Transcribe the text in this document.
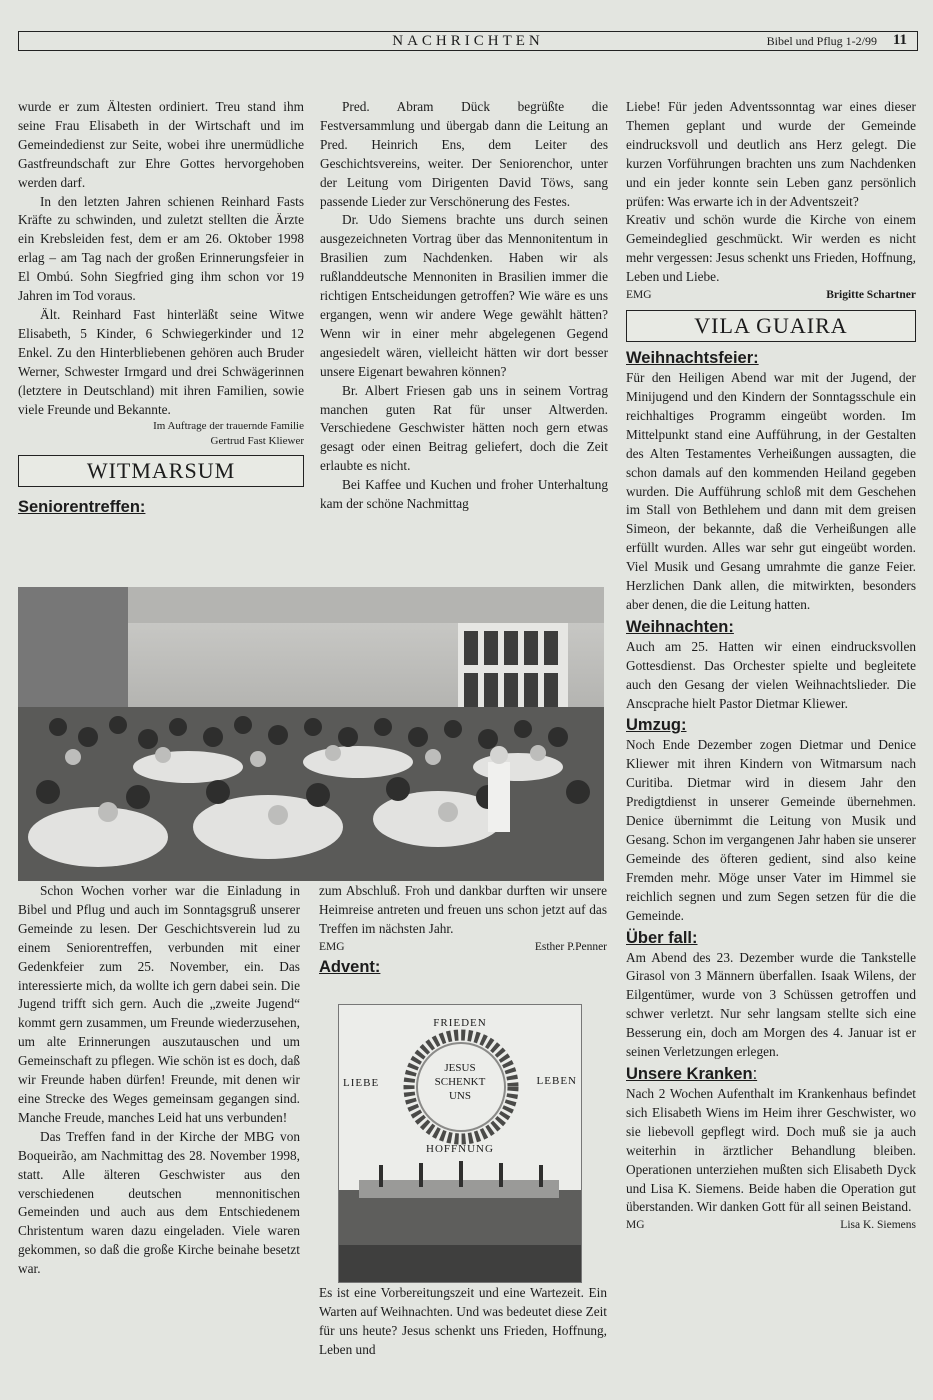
NACHRICHTEN	Bibel und Pflug 1-2/99 11

wurde er zum Ältesten ordiniert. Treu stand ihm seine Frau Elisabeth in der Wirtschaft und im Gemeindedienst zur Seite, wobei ihre unermüdliche Gastfreundschaft zur Ehre Gottes hervorgehoben werden darf.

In den letzten Jahren schienen Reinhard Fasts Kräfte zu schwinden, und zuletzt stellten die Ärzte ein Krebsleiden fest, dem er am 26. Oktober 1998 erlag – am Tag nach der großen Erinnerungsfeier in El Ombú. Sohn Siegfried ging ihm schon vor 19 Jahren im Tod voraus.

Ält. Reinhard Fast hinterläßt seine Witwe Elisabeth, 5 Kinder, 6 Schwiegerkinder und 12 Enkel. Zu den Hinterbliebenen gehören auch Bruder Werner, Schwester Irmgard und drei Schwägerinnen (letztere in Deutschland) mit ihren Familien, sowie viele Freunde und Bekannte.

Im Auftrage der trauernde Familie
Gertrud Fast Kliewer
WITMARSUM
Seniorentreffen:

Pred. Abram Dück begrüßte die Festversammlung und übergab dann die Leitung an Pred. Heinrich Ens, dem Leiter des Geschichtsvereins, weiter. Der Seniorenchor, unter der Leitung vom Dirigenten David Töws, sang passende Lieder zur Verschönerung des Festes.

Dr. Udo Siemens brachte uns durch seinen ausgezeichneten Vortrag über das Mennonitentum in Brasilien zum Nachdenken. Haben wir als rußlanddeutsche Mennoniten in Brasilien immer die richtigen Entscheidungen getroffen? Wie wäre es uns ergangen, wenn wir andere Wege gewählt hätten? Wenn wir in einer mehr abgelegenen Gegend angesiedelt wären, vielleicht hätten wir dort besser unsere Eigenart bewahren können?

Br. Albert Friesen gab uns in seinem Vortrag manchen guten Rat für unser Altwerden. Verschiedene Geschwister hätten noch gern etwas gesagt oder einen Beitrag geliefert, doch die Zeit erlaubte es nicht.

Bei Kaffee und Kuchen und froher Unterhaltung kam der schöne Nachmittag

Schon Wochen vorher war die Einladung in Bibel und Pflug und auch im Sonntagsgruß unserer Gemeinde zu lesen. Der Geschichtsverein lud zu einem Seniorentreffen, verbunden mit einer Gedenkfeier zum 25. November, ein. Das interessierte mich, da wollte ich gern dabei sein. Die Jugend trifft sich gern. Auch die „zweite Jugend“ kommt gern zusammen, um Freunde wiederzusehen, um alte Erinnerungen auszutauschen und um Gemeinschaft zu pflegen. Wie schön ist es doch, daß wir Freunde haben dürfen! Freunde, mit denen wir eine Strecke des Weges gemeinsam gegangen sind. Manche Freude, manches Leid hat uns verbunden!

Das Treffen fand in der Kirche der MBG von Boqueirão, am Nachmittag des 28. November 1998, statt. Alle älteren Geschwister aus den verschiedenen deutschen mennonitischen Gemeinden und auch aus dem Entschiedenem Christentum waren dazu eingeladen. Viele waren gekommen, so daß die große Kirche beinahe besetzt war.

zum Abschluß. Froh und dankbar durften wir unsere Heimreise antreten und freuen uns schon jetzt auf das Treffen im nächsten Jahr.

EMG	Esther P.Penner
Advent:
FRIEDEN
LIEBE	LEBEN
HOFFNUNG
JESUS
SCHENKT
UNS

Es ist eine Vorbereitungszeit und eine Wartezeit. Ein Warten auf Weihnachten. Und was bedeutet diese Zeit für uns heute? Jesus schenkt uns Frieden, Hoffnung, Leben und

Liebe! Für jeden Adventssonntag war eines dieser Themen geplant und wurde der Gemeinde eindrucksvoll und deutlich ans Herz gelegt. Die kurzen Vorführungen brachten uns zum Nachdenken und ein jeder konnte sein Leben ganz persönlich prüfen: Was erwarte ich in der Adventszeit?

Kreativ und schön wurde die Kirche von einem Gemeindeglied geschmückt. Wir werden es nicht mehr vergessen: Jesus schenkt uns Frieden, Hoffnung, Leben und Liebe.

EMG	Brigitte Schartner
VILA GUAIRA
Weihnachtsfeier:

Für den Heiligen Abend war mit der Jugend, der Minijugend und den Kindern der Sonntagsschule ein reichhaltiges Programm eingeübt worden. Im Mittelpunkt stand eine Aufführung, in der Gestalten des Alten Testamentes Verheißungen aussagten, die schon damals auf den kommenden Heiland gegeben wurden. Die Aufführung schloß mit dem Geschehen im Stall von Bethlehem und dann mit dem greisen Simeon, der bekannte, daß die Verheißungen alle erfüllt wurden. Alles war sehr gut eingeübt worden. Viel Musik und Gesang umrahmte die ganze Feier. Herzlichen Dank allen, die mitwirkten, besonders aber denen, die die Leitung hatten.

Weihnachten:

Auch am 25. Hatten wir einen eindrucksvollen Gottesdienst. Das Orchester spielte und begleitete auch den Gesang der vielen Weihnachtslieder. Die Anscprache hielt Pastor Dietmar Kliewer.

Umzug:

Noch Ende Dezember zogen Dietmar und Denice Kliewer mit ihren Kindern von Witmarsum nach Curitiba. Dietmar wird in diesem Jahr den Predigtdienst in unserer Gemeinde übernehmen. Denice übernimmt die Leitung von Musik und Gesang. Schon im vergangenen Jahr haben sie unserer Gemeinde des öfteren gedient, sind also keine Fremden mehr. Möge unser Vater im Himmel sie reichlich segnen und zum Segen setzen für die die Gemeinde.

Über fall:

Am Abend des 23. Dezember wurde die Tankstelle Girasol von 3 Männern überfallen. Isaak Wilens, der Eilgentümer, wurde von 3 Schüssen getroffen und schwer verletzt. Nur sehr langsam stellte sich eine Besserung ein, doch am Morgen des 4. Januar ist er seinen Verletzungen erlegen.

Unsere Kranken:

Nach 2 Wochen Aufenthalt im Krankenhaus befindet sich Elisabeth Wiens im Heim ihrer Geschwister, wo sie liebevoll gepflegt wird. Doch muß sie ja auch weiterhin in ärztlicher Behandlung bleiben. Operationen unterziehen mußten sich Elisabeth Dyck und Lisa K. Siemens. Beide haben die Operation gut überstanden. Wir danken Gott für all seinen Beistand.

MG	Lisa K. Siemens
